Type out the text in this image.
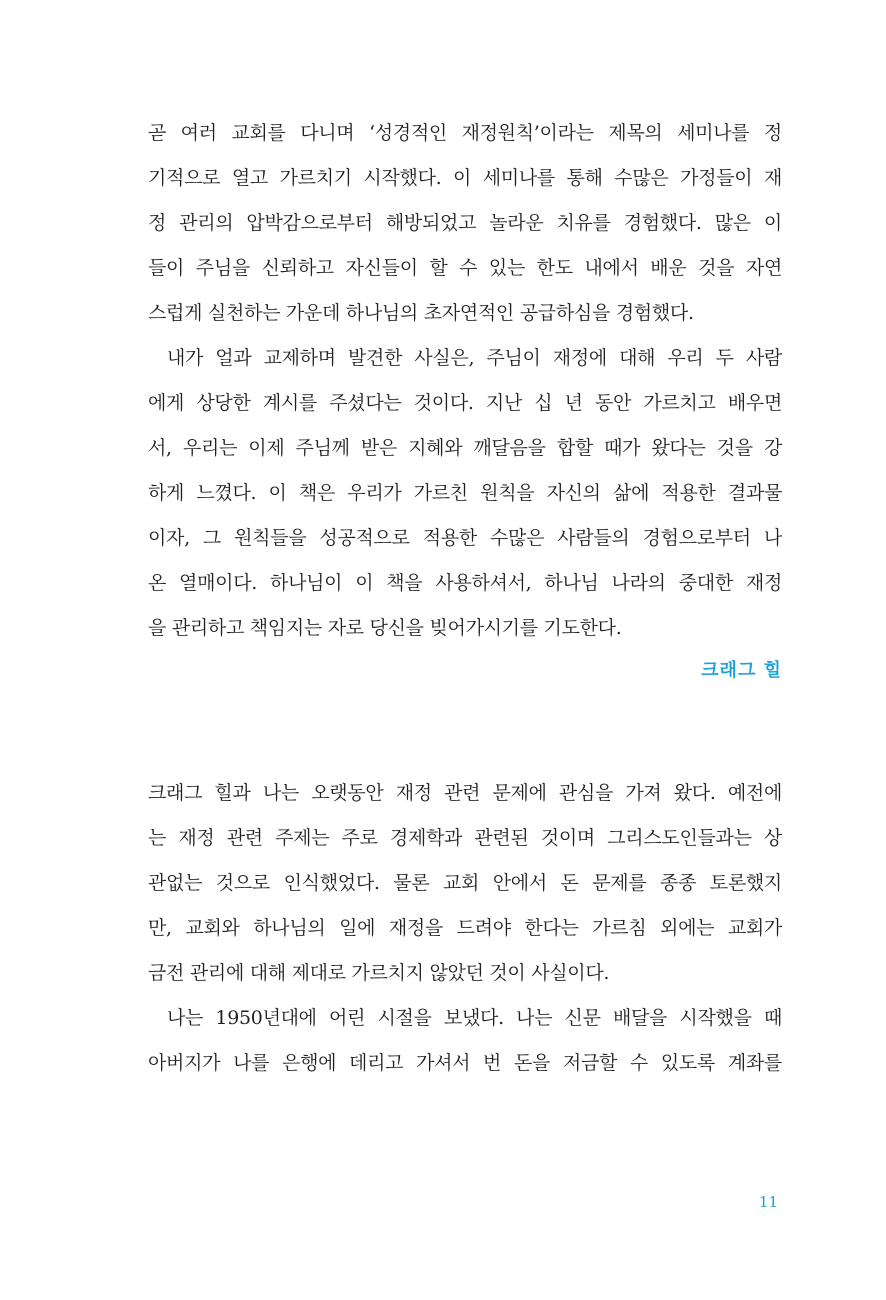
곧 여러 교회를 다니며 ‘성경적인 재정원칙’이라는 제목의 세미나를 정
기적으로 열고 가르치기 시작했다. 이 세미나를 통해 수많은 가정들이 재
정 관리의 압박감으로부터 해방되었고 놀라운 치유를 경험했다. 많은 이
들이 주님을 신뢰하고 자신들이 할 수 있는 한도 내에서 배운 것을 자연
스럽게 실천하는 가운데 하나님의 초자연적인 공급하심을 경험했다.
내가 얼과 교제하며 발견한 사실은, 주님이 재정에 대해 우리 두 사람
에게 상당한 계시를 주셨다는 것이다. 지난 십 년 동안 가르치고 배우면
서, 우리는 이제 주님께 받은 지혜와 깨달음을 합할 때가 왔다는 것을 강
하게 느꼈다. 이 책은 우리가 가르친 원칙을 자신의 삶에 적용한 결과물
이자, 그 원칙들을 성공적으로 적용한 수많은 사람들의 경험으로부터 나
온 열매이다. 하나님이 이 책을 사용하셔서, 하나님 나라의 중대한 재정
을 관리하고 책임지는 자로 당신을 빚어가시기를 기도한다.
크래그 힐
크래그 힐과 나는 오랫동안 재정 관련 문제에 관심을 가져 왔다. 예전에
는 재정 관련 주제는 주로 경제학과 관련된 것이며 그리스도인들과는 상
관없는 것으로 인식했었다. 물론 교회 안에서 돈 문제를 종종 토론했지
만, 교회와 하나님의 일에 재정을 드려야 한다는 가르침 외에는 교회가
금전 관리에 대해 제대로 가르치지 않았던 것이 사실이다.
나는 1950년대에 어린 시절을 보냈다. 나는 신문 배달을 시작했을 때
아버지가 나를 은행에 데리고 가셔서 번 돈을 저금할 수 있도록 계좌를
11
